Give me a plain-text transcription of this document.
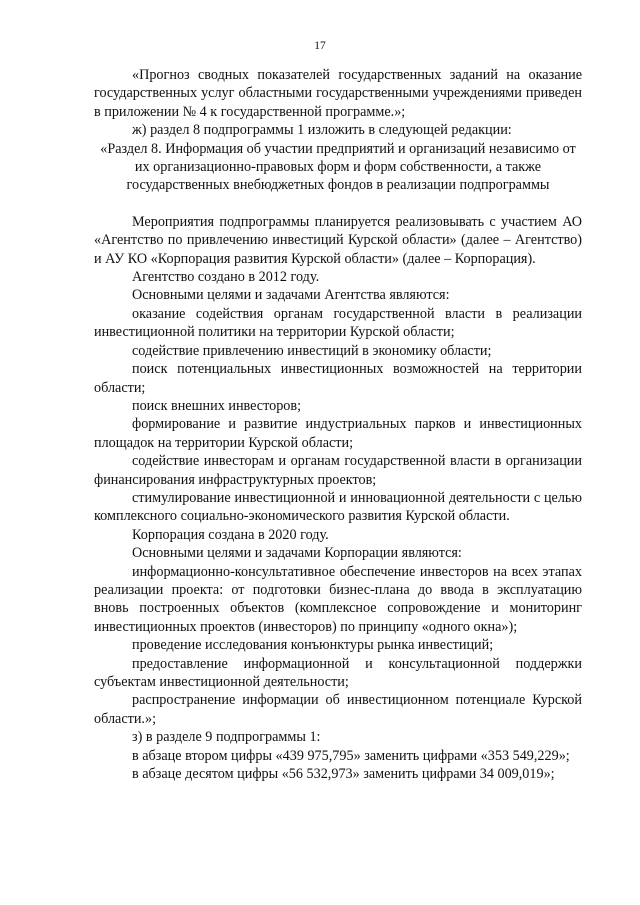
17

«Прогноз сводных показателей государственных заданий на оказание государственных услуг областными государственными учреждениями приведен в приложении № 4 к государственной программе.»;

ж) раздел 8 подпрограммы 1 изложить в следующей редакции:

«Раздел 8. Информация об участии предприятий и организаций независимо от их организационно-правовых форм и форм собственности, а также государственных внебюджетных фондов в реализации подпрограммы

Мероприятия подпрограммы планируется реализовывать с участием АО «Агентство по привлечению инвестиций Курской области» (далее – Агентство) и АУ КО «Корпорация развития Курской области» (далее – Корпорация).

Агентство создано в 2012 году.

Основными целями и задачами Агентства являются:

оказание содействия органам государственной власти в реализации инвестиционной политики на территории Курской области;

содействие привлечению инвестиций в экономику области;

поиск потенциальных инвестиционных возможностей на территории области;

поиск внешних инвесторов;

формирование и развитие индустриальных парков и инвестиционных площадок на территории Курской области;

содействие инвесторам и органам государственной власти в организации финансирования инфраструктурных проектов;

стимулирование инвестиционной и инновационной деятельности с целью комплексного социально-экономического развития Курской области.

Корпорация создана в 2020 году.

Основными целями и задачами Корпорации являются:

информационно-консультативное обеспечение инвесторов на всех этапах реализации проекта: от подготовки бизнес-плана до ввода в эксплуатацию вновь построенных объектов (комплексное сопровождение и мониторинг инвестиционных проектов (инвесторов) по принципу «одного окна»);

проведение исследования конъюнктуры рынка инвестиций;

предоставление информационной и консультационной поддержки субъектам инвестиционной деятельности;

распространение информации об инвестиционном потенциале Курской области.»;

з) в разделе 9 подпрограммы 1:

в абзаце втором цифры «439 975,795» заменить цифрами «353 549,229»;

в абзаце десятом цифры «56 532,973» заменить цифрами 34 009,019»;
